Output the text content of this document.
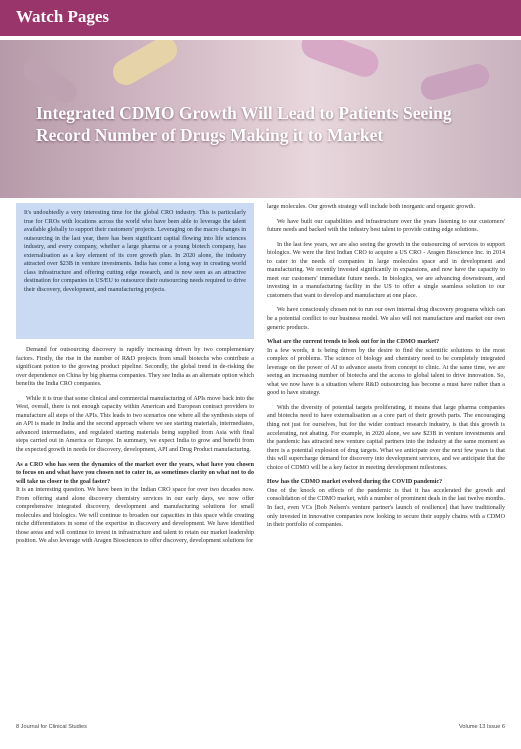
Watch Pages
Integrated CDMO Growth Will Lead to Patients Seeing Record Number of Drugs Making it to Market
It's undoubtedly a very interesting time for the global CRO industry. This is particularly true for CROs with locations across the world who have been able to leverage the talent available globally to support their customers' projects. Leveraging on the macro changes in outsourcing in the last year, there has been significant capital flowing into life sciences industry, and every company, whether a large pharma or a young biotech company, has externalisation as a key element of its core growth plan. In 2020 alone, the industry attracted over $23B in venture investments. India has come a long way in creating world class infrastructure and offering cutting edge research, and is now seen as an attractive destination for companies in US/EU to outsource their outsourcing needs required to drive their discovery, development, and manufacturing projects.

Demand for outsourcing discovery is rapidly increasing driven by two complementary factors. Firstly, the rise in the number of R&D projects from small biotechs who contribute a significant potion to the growing product pipeline. Secondly, the global trend in de-risking the over dependence on China by big pharma companies. They see India as an alternate option which benefits the India CRO companies.

While it is true that some clinical and commercial manufacturing of APIs move back into the West, overall, there is not enough capacity within American and European contract providers to manufacture all steps of the APIs. This leads to two scenarios one where all the synthesis steps of an API is made in India and the second approach where we see starting materials, intermediates, advanced intermediates, and regulated starting materials being supplied from Asia with final steps carried out in America or Europe. In summary, we expect India to grow and benefit from the expected growth in needs for discovery, development, API and Drug Product manufacturing.

As a CRO who has seen the dynamics of the market over the years, what have you chosen to focus on and what have you chosen not to cater to, as sometimes clarity on what not to do will take us closer to the goal faster?

It is an interesting question. We have been in the Indian CRO space for over two decades now. From offering stand alone discovery chemistry services in our early days, we now offer comprehensive integrated discovery, development and manufacturing solutions for small molecules and biologics. We will continue to broaden our capacities in this space while creating niche differentiators in some of the expertise in discovery and development. We have identified those areas and will continue to invest in infrastructure and talent to retain our market leadership position. We also leverage with Aragen Biosciences to offer discovery, development solutions for

large molecules. Our growth strategy will include both inorganic and organic growth.

We have built our capabilities and infrastructure over the years listening to our customers' future needs and backed with the industry best talent to provide cutting edge solutions.

In the last few years, we are also seeing the growth in the outsourcing of services to support biologics. We were the first Indian CRO to acquire a US CRO - Aragen Bioscience Inc. in 2014 to cater to the needs of companies in large molecules space and in development and manufacturing. We recently invested significantly in expansions, and now have the capacity to meet our customers' immediate future needs. In biologics, we are advancing downstream, and investing in a manufacturing facility in the US to offer a single seamless solution to our customers that want to develop and manufacture at one place.

We have consciously chosen not to run our own internal drug discovery programs which can be a potential conflict to our business model. We also will not manufacture and market our own generic products.

What are the current trends to look out for in the CDMO market?

In a few words, it is being driven by the desire to find the scientific solutions to the most complex of problems. The science of biology and chemistry need to be completely integrated leverage on the power of AI to advance assets from concept to clinic. At the same time, we are seeing an increasing number of biotechs and the access to global talent to drive innovation. So, what we now have is a situation where R&D outsourcing has become a must have rather than a good to have strategy.

With the diversity of potential targets proliferating, it means that large pharma companies and biotechs need to have externalisation as a core part of their growth parts. The encouraging thing not just for ourselves, but for the wider contract research industry, is that this growth is accelerating, not abating. For example, in 2020 alone, we saw $23B in venture investments and the pandemic has attracted new venture capital partners into the industry at the same moment as there is a potential explosion of drug targets. What we anticipate over the next few years is that this will supercharge demand for discovery into development services, and we anticipate that the choice of CDMO will be a key factor in meeting development milestones.

How has the CDMO market evolved during the COVID pandemic?

One of the knock on effects of the pandemic is that it has accelerated the growth and consolidation of the CDMO market, with a number of prominent deals in the last twelve months. In fact, even VCs [Bob Nelsen's venture partner's launch of resilience] that have traditionally only invested in innovative companies now looking to secure their supply chains with a CDMO in their portfolio of companies.

8 Journal for Clinical Studies	Volume 13 Issue 6
